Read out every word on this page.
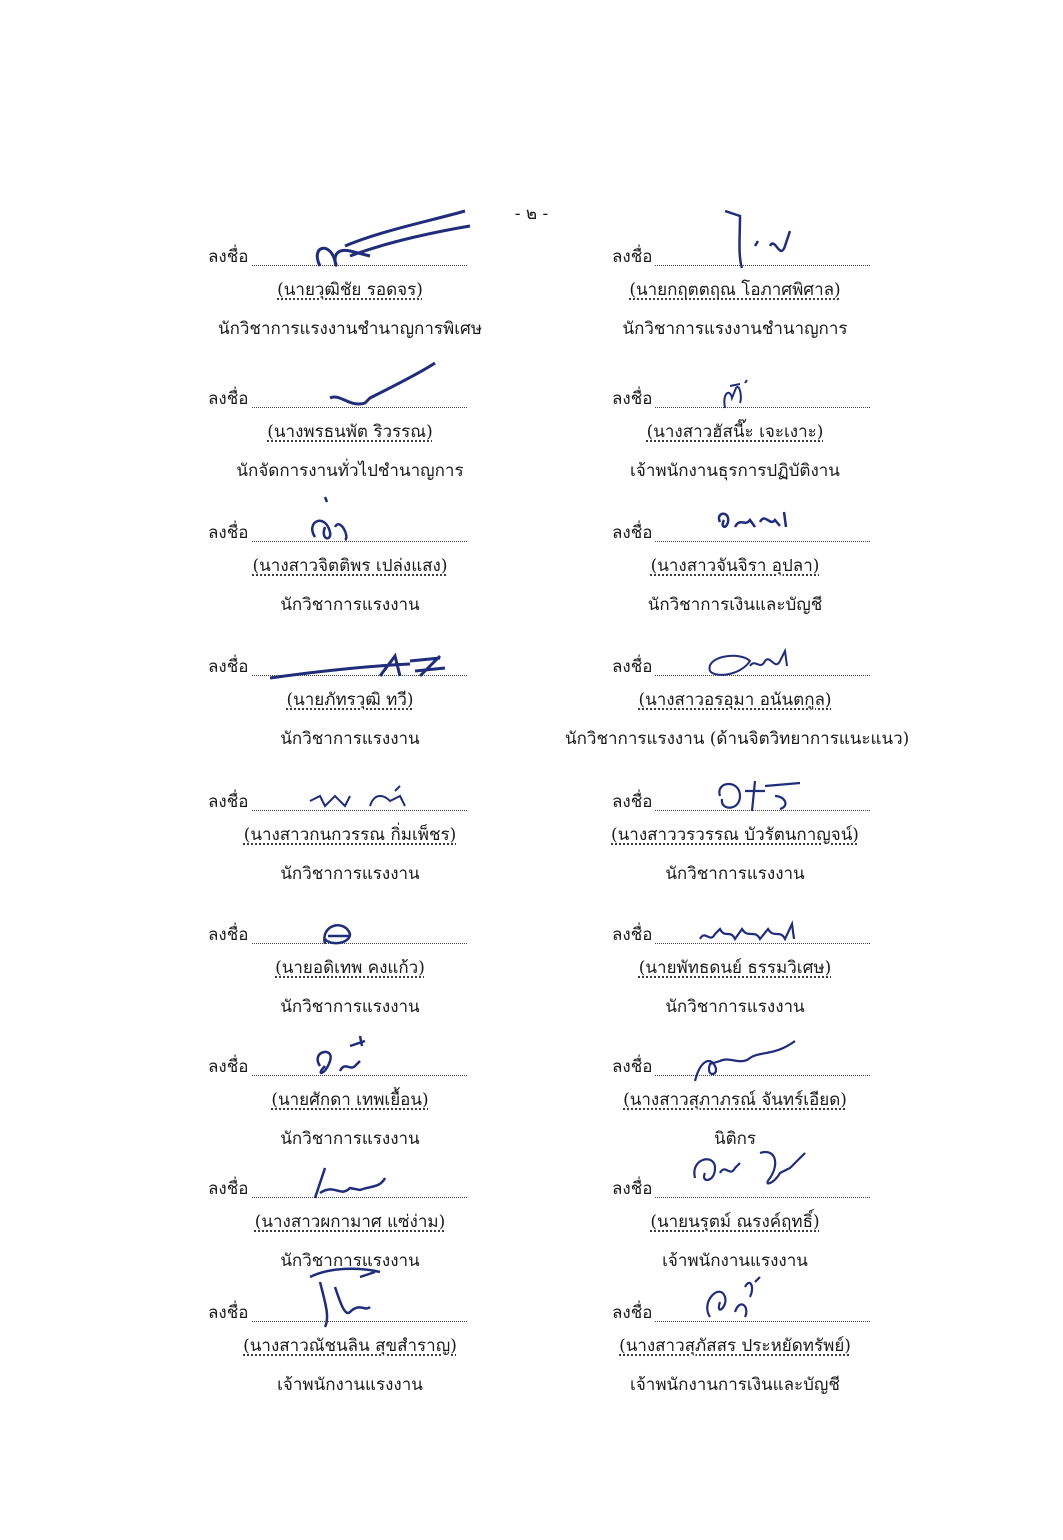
- ๒ -
ลงชื่อ
(นายวุฒิชัย รอดจร)
นักวิชาการแรงงานชำนาญการพิเศษ
ลงชื่อ
(นางพรธนพัต ริวรรณ)
นักจัดการงานทั่วไปชำนาญการ
ลงชื่อ
(นางสาวจิตติพร เปล่งแสง)
นักวิชาการแรงงาน
ลงชื่อ
(นายภัทรวุฒิ ทวี)
นักวิชาการแรงงาน
ลงชื่อ
(นางสาวกนกวรรณ กิ่มเพ็ชร)
นักวิชาการแรงงาน
ลงชื่อ
(นายอดิเทพ คงแก้ว)
นักวิชาการแรงงาน
ลงชื่อ
(นายศักดา เทพเยื้อน)
นักวิชาการแรงงาน
ลงชื่อ
(นางสาวผกามาศ แซ่ง่าม)
นักวิชาการแรงงาน
ลงชื่อ
(นางสาวณัชนลิน สุขสำราญ)
เจ้าพนักงานแรงงาน
ลงชื่อ
(นายกฤตตฤณ โอภาศพิศาล)
นักวิชาการแรงงานชำนาญการ
ลงชื่อ
(นางสาวฮัสนี๊ะ เจะเงาะ)
เจ้าพนักงานธุรการปฏิบัติงาน
ลงชื่อ
(นางสาวจันจิรา อุปลา)
นักวิชาการเงินและบัญชี
ลงชื่อ
(นางสาวอรอุมา อนันตกูล)
นักวิชาการแรงงาน (ด้านจิตวิทยาการแนะแนว)
ลงชื่อ
(นางสาววรวรรณ บัวรัตนกาญจน์)
นักวิชาการแรงงาน
ลงชื่อ
(นายพัทธดนย์ ธรรมวิเศษ)
นักวิชาการแรงงาน
ลงชื่อ
(นางสาวสุภาภรณ์ จันทร์เอียด)
นิติกร
ลงชื่อ
(นายนรุตม์ ณรงค์ฤทธิ์)
เจ้าพนักงานแรงงาน
ลงชื่อ
(นางสาวสุภัสสร ประหยัดทรัพย์)
เจ้าพนักงานการเงินและบัญชี
